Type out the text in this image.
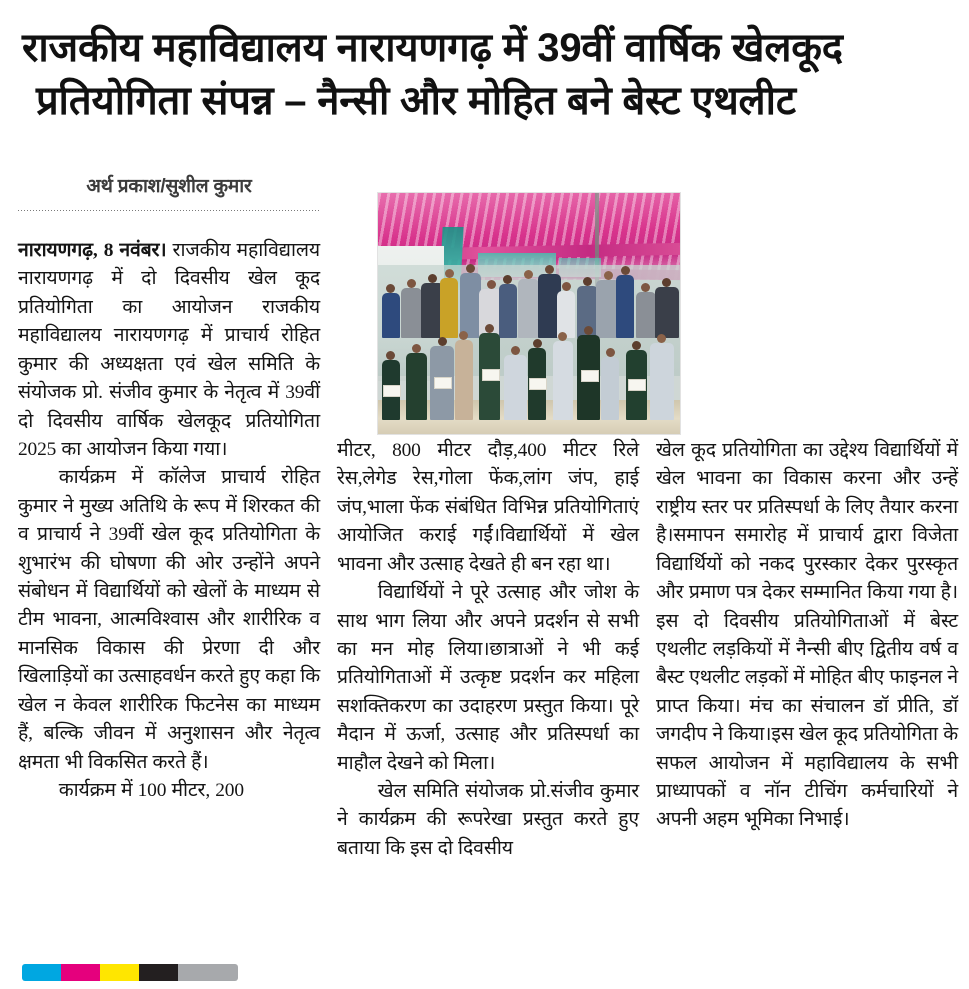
राजकीय महाविद्यालय नारायणगढ़ में 39वीं वार्षिक खेलकूद
प्रतियोगिता संपन्न – नैन्सी और मोहित बने बेस्ट एथलीट
अर्थ प्रकाश/सुशील कुमार

नारायणगढ़, 8 नवंबर। राजकीय महाविद्यालय नारायणगढ़ में दो दिवसीय खेल कूद प्रतियोगिता का आयोजन राजकीय महाविद्यालय नारायणगढ़ में प्राचार्य रोहित कुमार की अध्यक्षता एवं खेल समिति के संयोजक प्रो. संजीव कुमार के नेतृत्व में 39वीं दो दिवसीय वार्षिक खेलकूद प्रतियोगिता 2025 का आयोजन किया गया।

कार्यक्रम में कॉलेज प्राचार्य रोहित कुमार ने मुख्य अतिथि के रूप में शिरकत की व प्राचार्य ने 39वीं खेल कूद प्रतियोगिता के शुभारंभ की घोषणा की ओर उन्होंने अपने संबोधन में विद्यार्थियों को खेलों के माध्यम से टीम भावना, आत्मविश्वास और शारीरिक व मानसिक विकास की प्रेरणा दी और खिलाड़ियों का उत्साहवर्धन करते हुए कहा कि खेल न केवल शारीरिक फिटनेस का माध्यम हैं, बल्कि जीवन में अनुशासन और नेतृत्व क्षमता भी विकसित करते हैं।

कार्यक्रम में 100 मीटर, 200

मीटर, 800 मीटर दौड़,400 मीटर रिले रेस,लेगेड रेस,गोला फेंक,लांग जंप, हाई जंप,भाला फेंक संबंधित विभिन्न प्रतियोगिताएं आयोजित कराई गईं।विद्यार्थियों में खेल भावना और उत्साह देखते ही बन रहा था।

विद्यार्थियों ने पूरे उत्साह और जोश के साथ भाग लिया और अपने प्रदर्शन से सभी का मन मोह लिया।छात्राओं ने भी कई प्रतियोगिताओं में उत्कृष्ट प्रदर्शन कर महिला सशक्तिकरण का उदाहरण प्रस्तुत किया। पूरे मैदान में ऊर्जा, उत्साह और प्रतिस्पर्धा का माहौल देखने को मिला।

खेल समिति संयोजक प्रो.संजीव कुमार ने कार्यक्रम की रूपरेखा प्रस्तुत करते हुए बताया कि इस दो दिवसीय

खेल कूद प्रतियोगिता का उद्देश्य विद्यार्थियों में खेल भावना का विकास करना और उन्हें राष्ट्रीय स्तर पर प्रतिस्पर्धा के लिए तैयार करना है।समापन समारोह में प्राचार्य द्वारा विजेता विद्यार्थियों को नकद पुरस्कार देकर पुरस्कृत और प्रमाण पत्र देकर सम्मानित किया गया है।इस दो दिवसीय प्रतियोगिताओं में बेस्ट एथलीट लड़कियों में नैन्सी बीए द्वितीय वर्ष व बैस्ट एथलीट लड़कों में मोहित बीए फाइनल ने प्राप्त किया। मंच का संचालन डॉ प्रीति, डॉ जगदीप ने किया।इस खेल कूद प्रतियोगिता के सफल आयोजन में महाविद्यालय के सभी प्राध्यापकों व नॉन टीचिंग कर्मचारियों ने अपनी अहम भूमिका निभाई।
